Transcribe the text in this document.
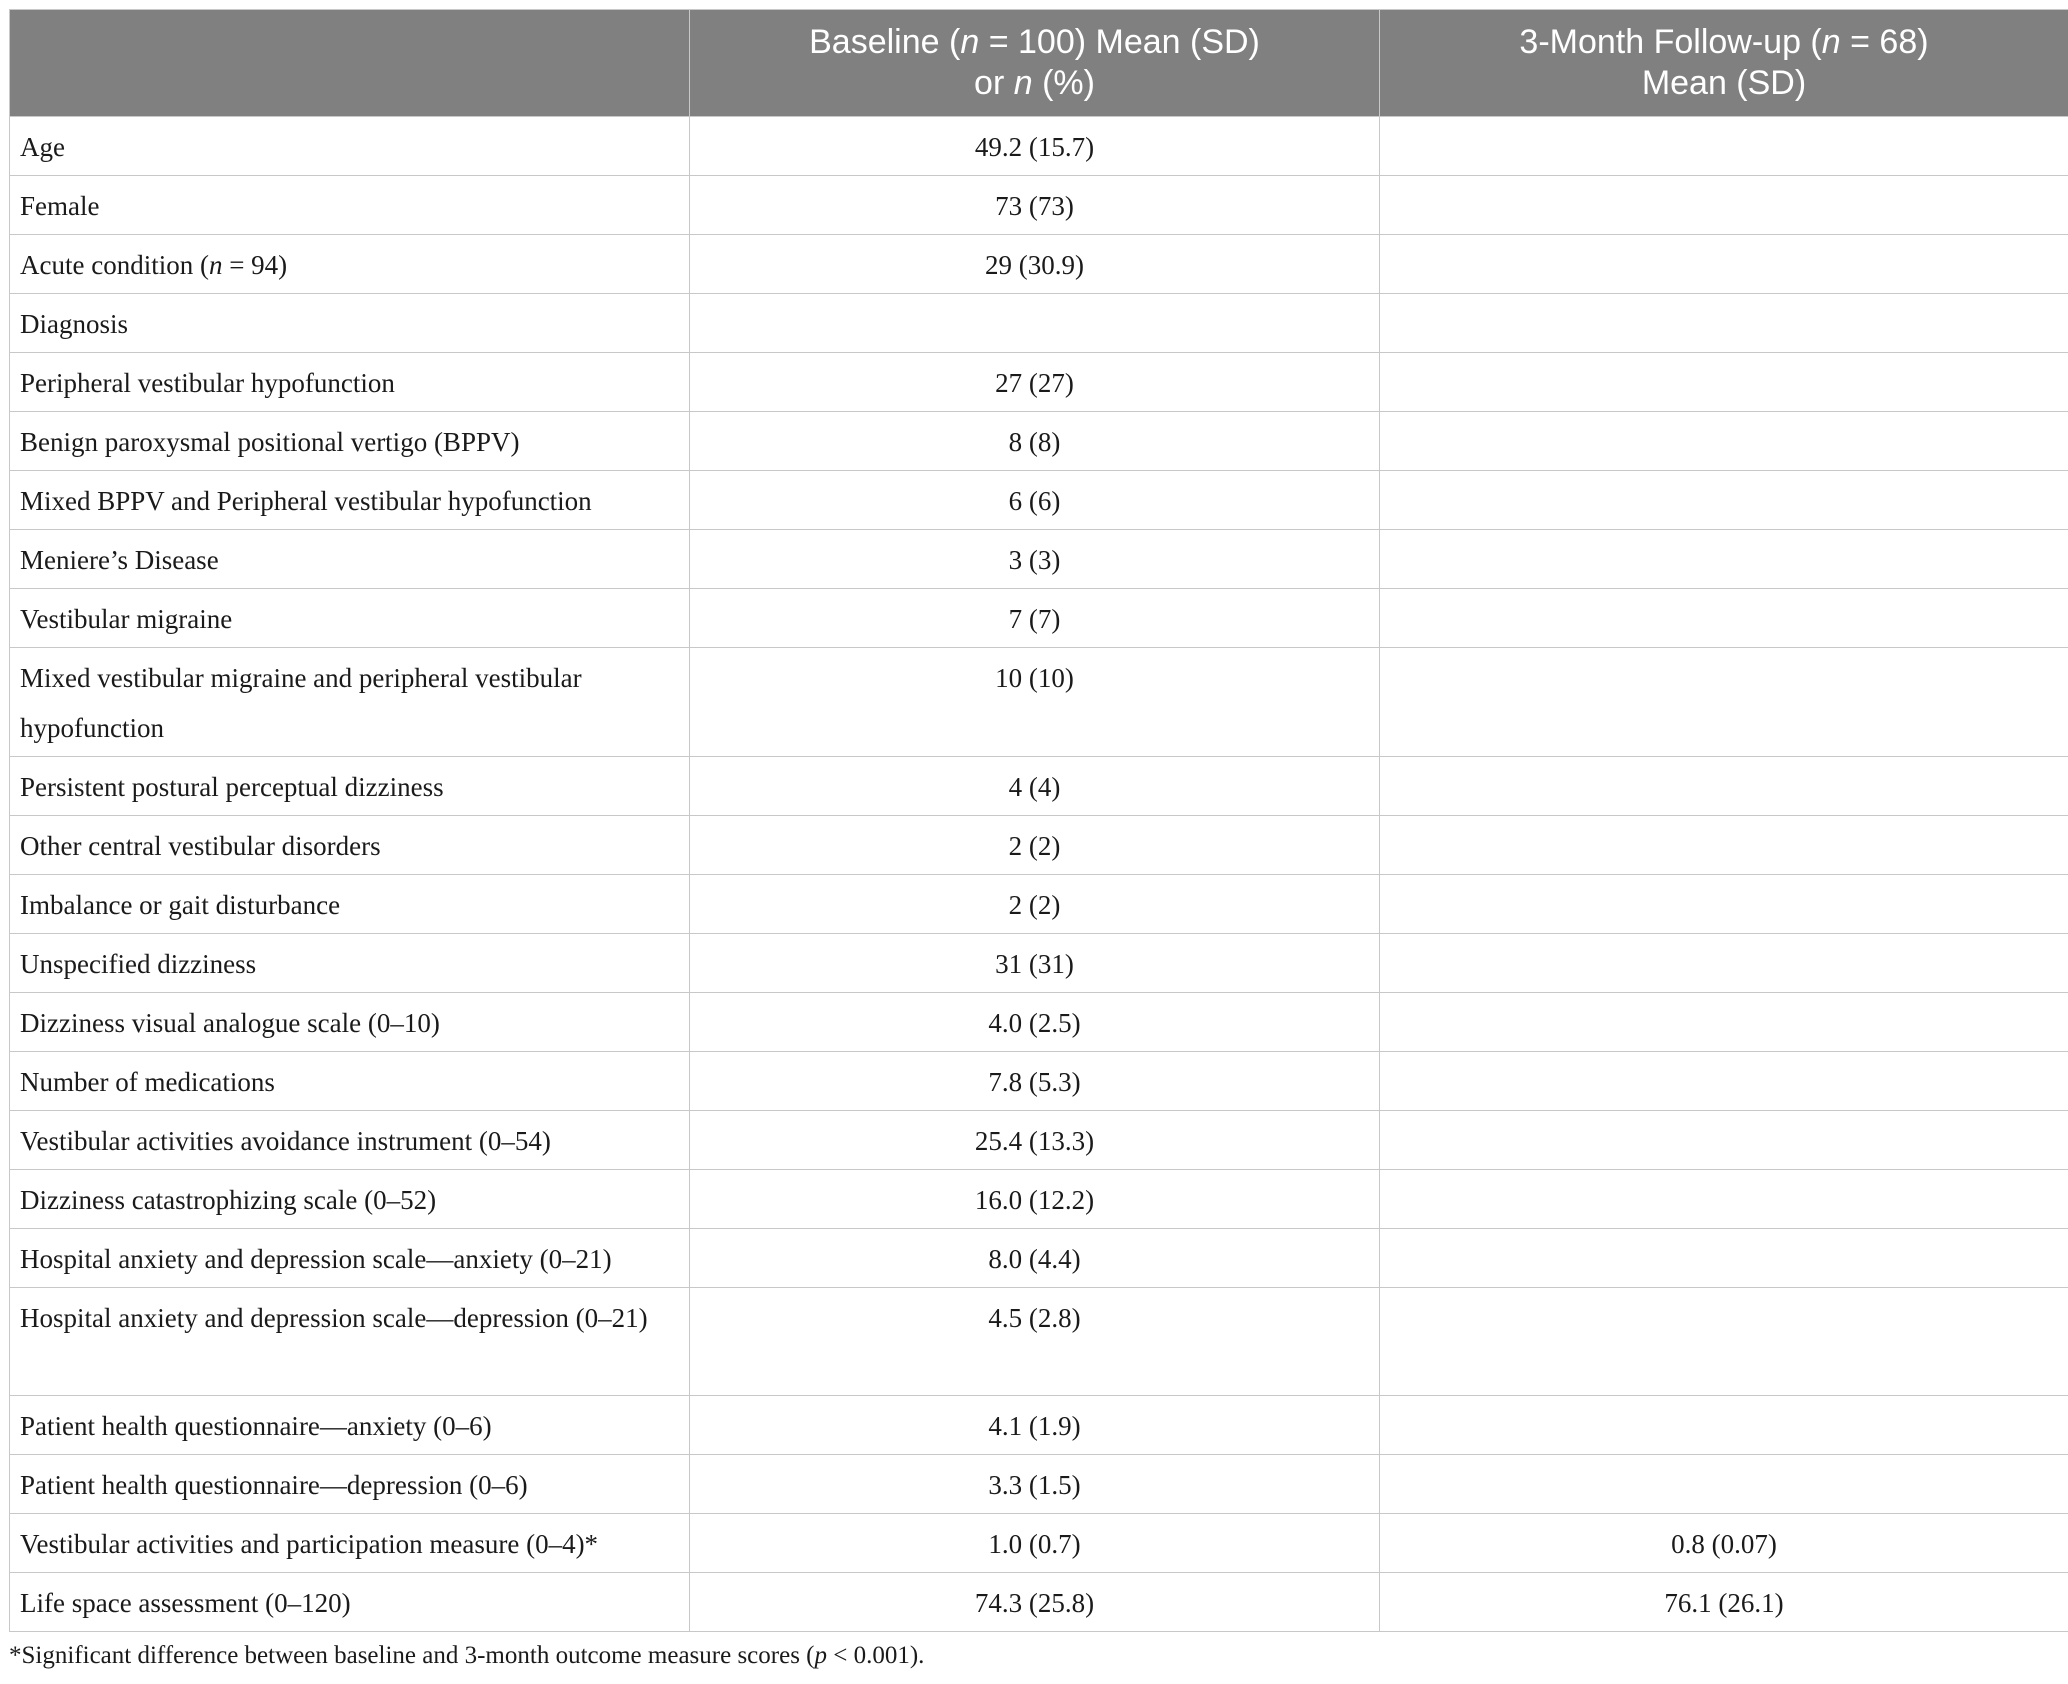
	Baseline (n = 100) Mean (SD)
or n (%)	3-Month Follow-up (n = 68)
Mean (SD)
Age	49.2 (15.7)	
Female	73 (73)	
Acute condition (n = 94)	29 (30.9)	
Diagnosis		
Peripheral vestibular hypofunction	27 (27)	
Benign paroxysmal positional vertigo (BPPV)	8 (8)	
Mixed BPPV and Peripheral vestibular hypofunction	6 (6)	
Meniere’s Disease	3 (3)	
Vestibular migraine	7 (7)	
Mixed vestibular migraine and peripheral vestibular hypofunction	10 (10)	
Persistent postural perceptual dizziness	4 (4)	
Other central vestibular disorders	2 (2)	
Imbalance or gait disturbance	2 (2)	
Unspecified dizziness	31 (31)	
Dizziness visual analogue scale (0–10)	4.0 (2.5)	
Number of medications	7.8 (5.3)	
Vestibular activities avoidance instrument (0–54)	25.4 (13.3)	
Dizziness catastrophizing scale (0–52)	16.0 (12.2)	
Hospital anxiety and depression scale—anxiety (0–21)	8.0 (4.4)	
Hospital anxiety and depression scale—depression (0–21)	4.5 (2.8)	
Patient health questionnaire—anxiety (0–6)	4.1 (1.9)	
Patient health questionnaire—depression (0–6)	3.3 (1.5)	
Vestibular activities and participation measure (0–4)*	1.0 (0.7)	0.8 (0.07)
Life space assessment (0–120)	74.3 (25.8)	76.1 (26.1)
*Significant difference between baseline and 3-month outcome measure scores (p < 0.001).
